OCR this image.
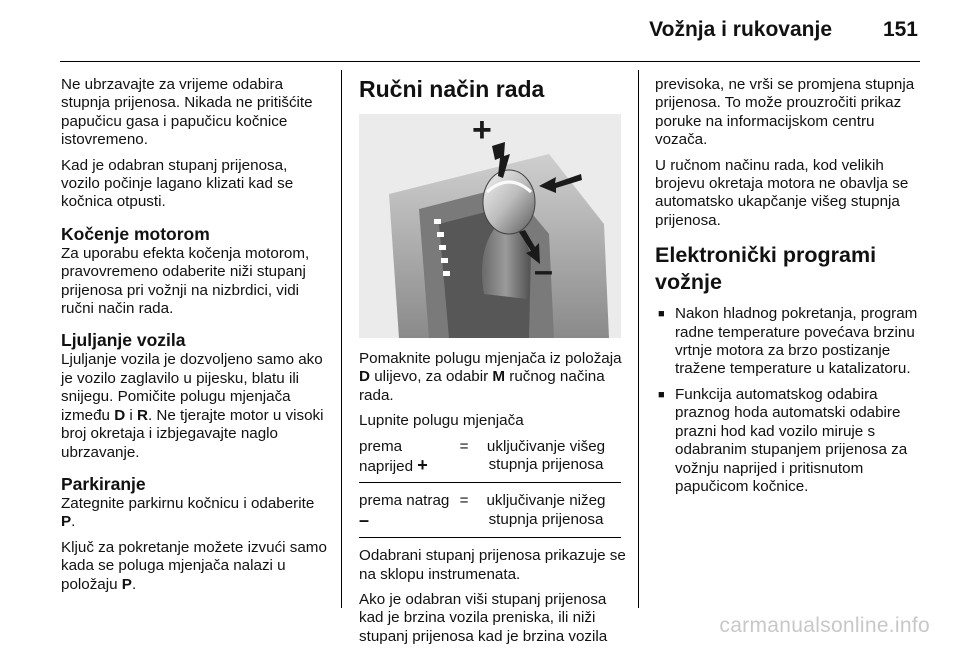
Vožnja i rukovanje 151

Ne ubrzavajte za vrijeme odabira stupnja prijenosa. Nikada ne pritišćite papučicu gasa i papučicu kočnice istovremeno.

Kad je odabran stupanj prijenosa, vozilo počinje lagano klizati kad se kočnica otpusti.

Kočenje motorom

Za uporabu efekta kočenja motorom, pravovremeno odaberite niži stupanj prijenosa pri vožnji na nizbrdici, vidi ručni način rada.

Ljuljanje vozila

Ljuljanje vozila je dozvoljeno samo ako je vozilo zaglavilo u pijesku, blatu ili snijegu. Pomičite polugu mjenjača između D i R. Ne tjerajte motor u visoki broj okretaja i izbjegavajte naglo ubrzavanje.

Parkiranje

Zategnite parkirnu kočnicu i odaberite P.

Ključ za pokretanje možete izvući samo kada se poluga mjenjača nalazi u položaju P.

Ručni način rada
+
–

Pomaknite polugu mjenjača iz položaja D ulijevo, za odabir M ručnog načina rada.

Lupnite polugu mjenjača

prema naprijed +
=	uključivanje višeg stupnja prijenosa
prema natrag –
=	uključivanje nižeg stupnja prijenosa

Odabrani stupanj prijenosa prikazuje se na sklopu instrumenata.

Ako je odabran viši stupanj prijenosa kad je brzina vozila preniska, ili niži stupanj prijenosa kad je brzina vozila

previsoka, ne vrši se promjena stupnja prijenosa. To može prouzročiti prikaz poruke na informacijskom centru vozača.

U ručnom načinu rada, kod velikih brojevu okretaja motora ne obavlja se automatsko ukapčanje višeg stupnja prijenosa.

Elektronički programi vožnje
■ Nakon hladnog pokretanja, program radne temperature povećava brzinu vrtnje motora za brzo postizanje tražene temperature u katalizatoru.
■ Funkcija automatskog odabira praznog hoda automatski odabire prazni hod kad vozilo miruje s odabranim stupanjem prijenosa za vožnju naprijed i pritisnutom papučicom kočnice.
carmanualsonline.info
